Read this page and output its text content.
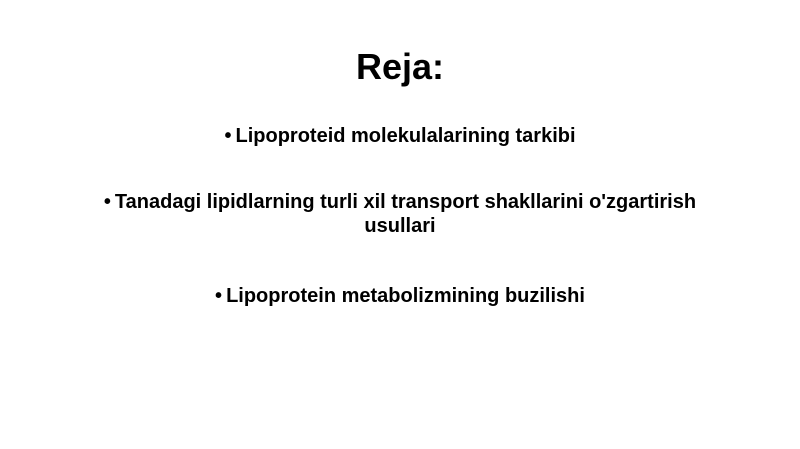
Reja:
• Lipoproteid molekulalarining tarkibi
• Tanadagi lipidlarning turli xil transport shakllarini o'zgartirish usullari
• Lipoprotein metabolizmining buzilishi
